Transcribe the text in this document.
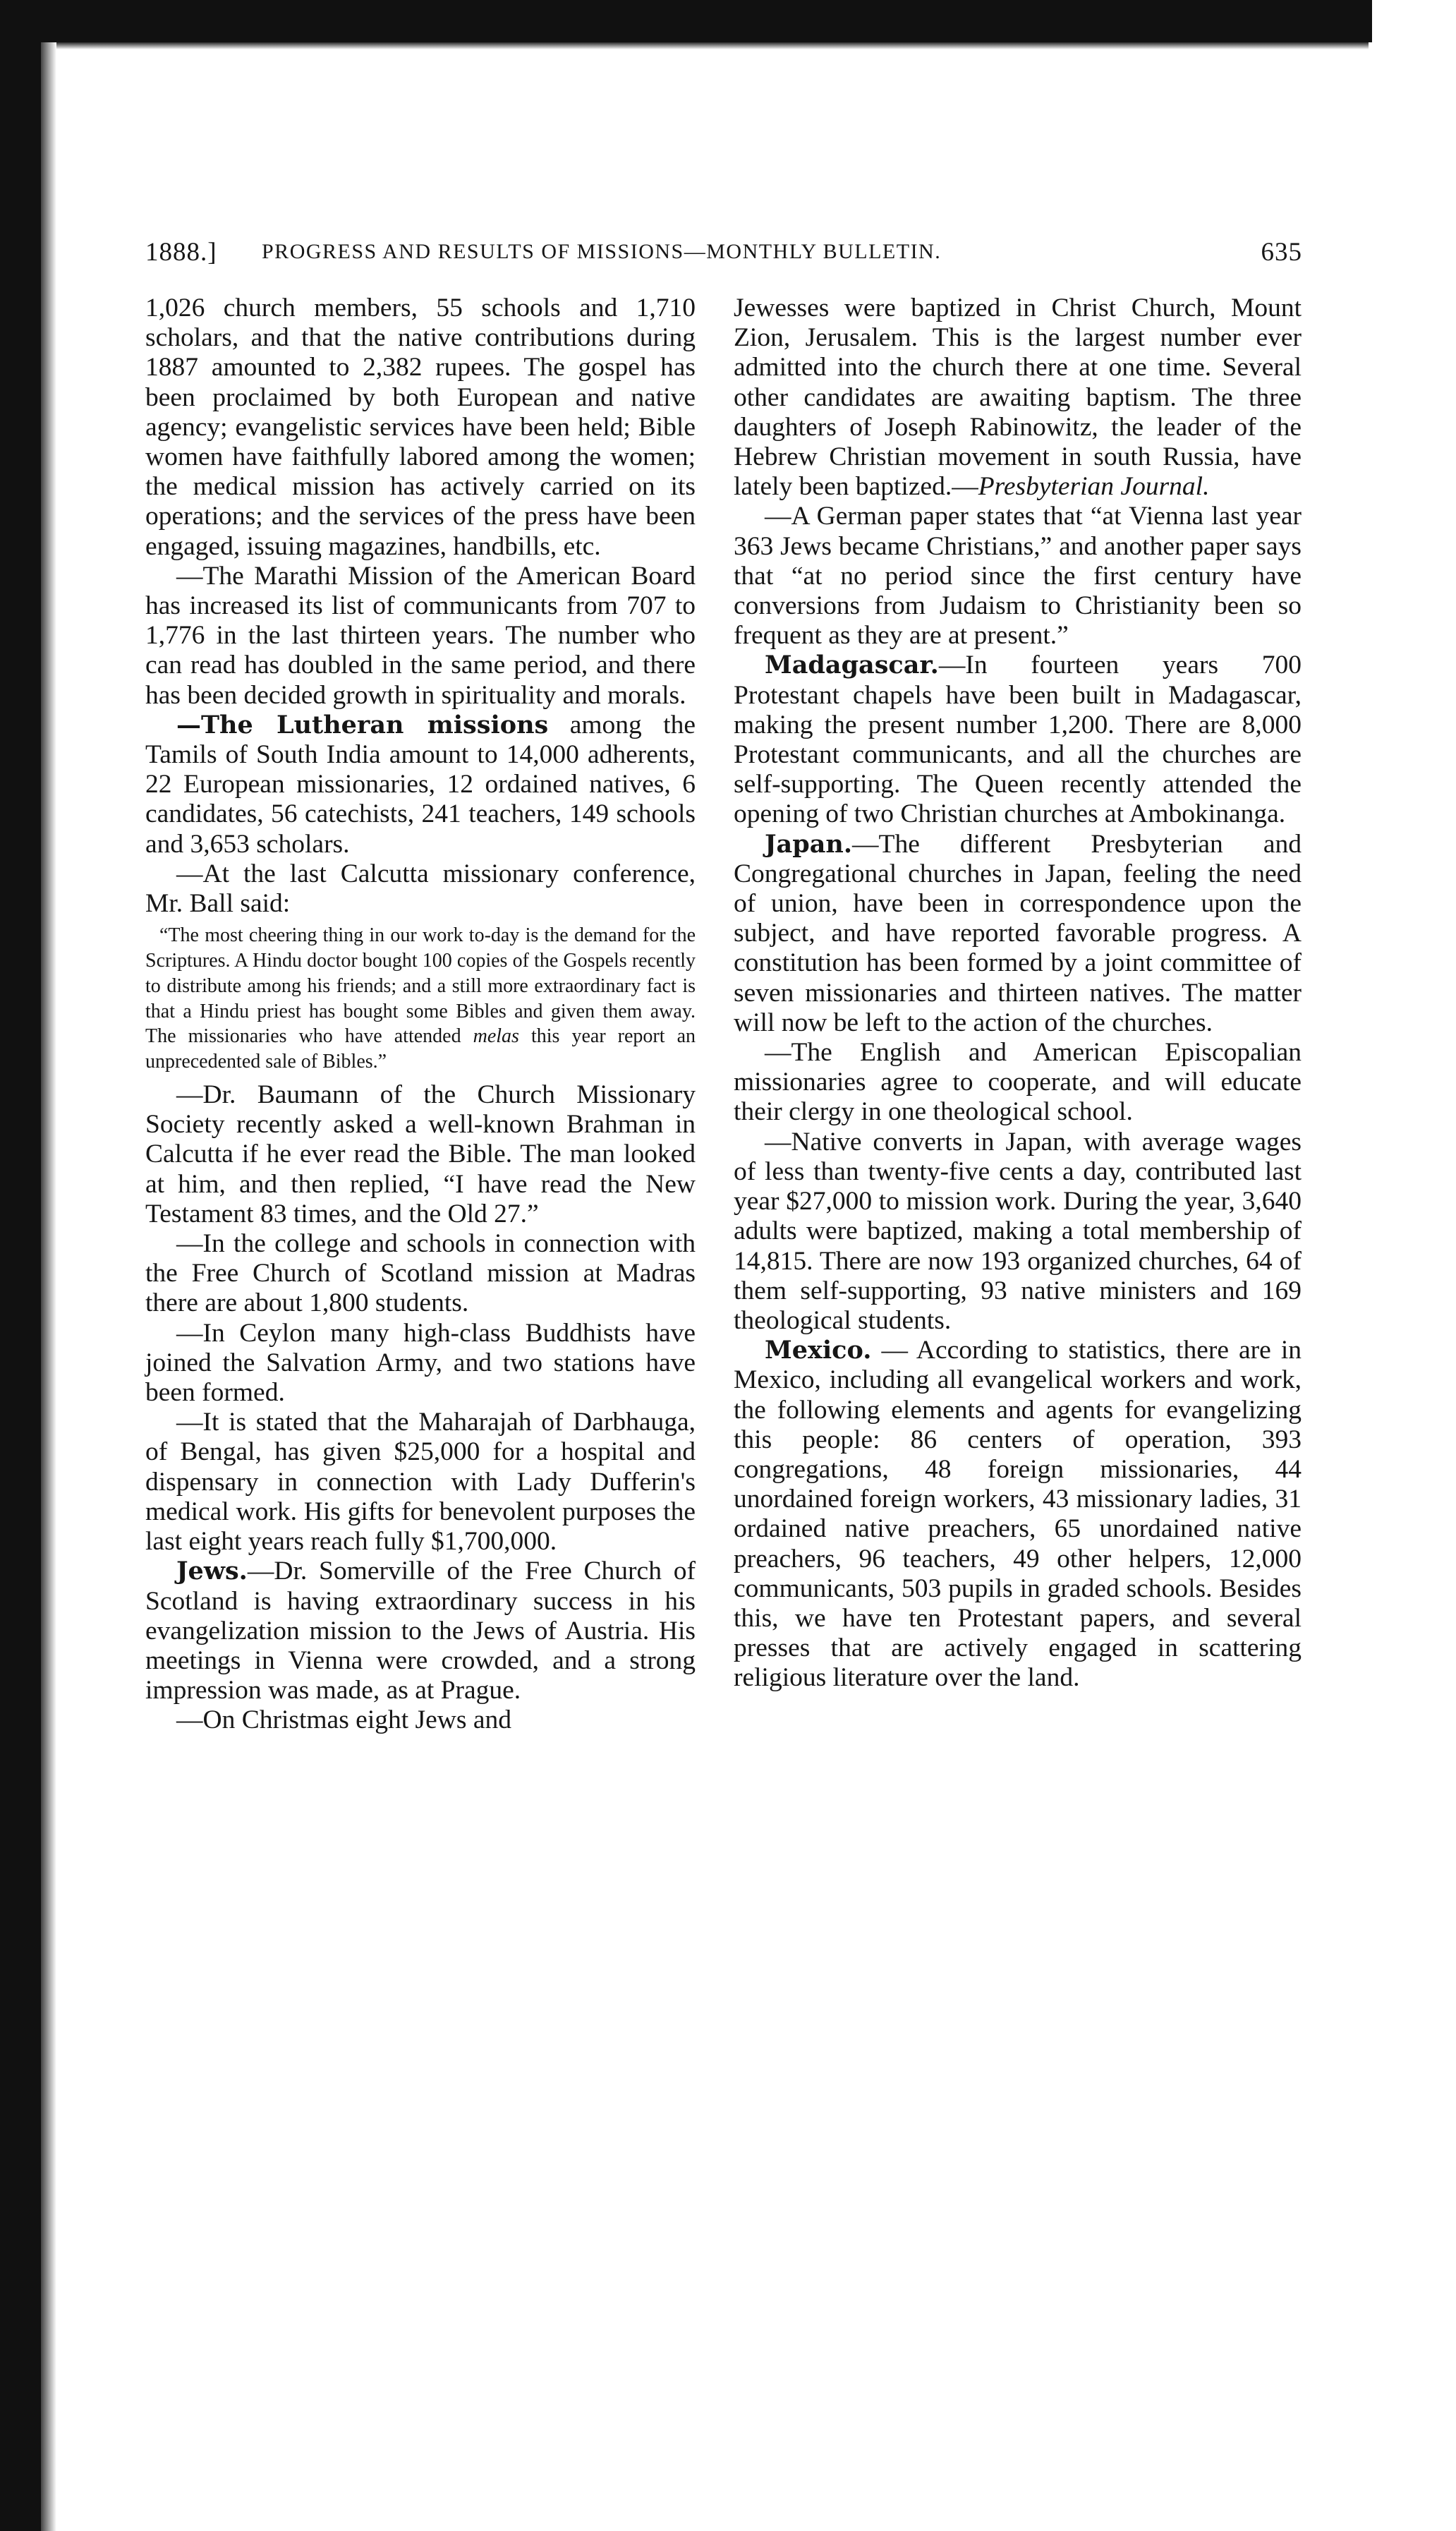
1888.] PROGRESS AND RESULTS OF MISSIONS—MONTHLY BULLETIN.	635

1,026 church members, 55 schools and 1,710 scholars, and that the native contributions during 1887 amounted to 2,382 rupees. The gospel has been proclaimed by both European and native agency; evangelistic services have been held; Bible women have faithfully labored among the women; the medical mission has actively carried on its operations; and the services of the press have been engaged, issuing magazines, handbills, etc.

—The Marathi Mission of the American Board has increased its list of communicants from 707 to 1,776 in the last thirteen years. The number who can read has doubled in the same period, and there has been decided growth in spirituality and morals.

—The Lutheran missions among the Tamils of South India amount to 14,000 adherents, 22 European missionaries, 12 ordained natives, 6 candidates, 56 catechists, 241 teachers, 149 schools and 3,653 scholars.

—At the last Calcutta missionary conference, Mr. Ball said:

“The most cheering thing in our work to-day is the demand for the Scriptures. A Hindu doctor bought 100 copies of the Gospels recently to distribute among his friends; and a still more extraordinary fact is that a Hindu priest has bought some Bibles and given them away. The missionaries who have attended melas this year report an unprecedented sale of Bibles.”

—Dr. Baumann of the Church Missionary Society recently asked a well-known Brahman in Calcutta if he ever read the Bible. The man looked at him, and then replied, “I have read the New Testament 83 times, and the Old 27.”

—In the college and schools in connection with the Free Church of Scotland mission at Madras there are about 1,800 students.

—In Ceylon many high-class Buddhists have joined the Salvation Army, and two stations have been formed.

—It is stated that the Maharajah of Darbhauga, of Bengal, has given $25,000 for a hospital and dispensary in connection with Lady Dufferin's medical work. His gifts for benevolent purposes the last eight years reach fully $1,700,000.

Jews.—Dr. Somerville of the Free Church of Scotland is having extraordinary success in his evangelization mission to the Jews of Austria. His meetings in Vienna were crowded, and a strong impression was made, as at Prague.

—On Christmas eight Jews and

Jewesses were baptized in Christ Church, Mount Zion, Jerusalem. This is the largest number ever admitted into the church there at one time. Several other candidates are awaiting baptism. The three daughters of Joseph Rabinowitz, the leader of the Hebrew Christian movement in south Russia, have lately been baptized.—Presbyterian Journal.

—A German paper states that “at Vienna last year 363 Jews became Christians,” and another paper says that “at no period since the first century have conversions from Judaism to Christianity been so frequent as they are at present.”

Madagascar.—In fourteen years 700 Protestant chapels have been built in Madagascar, making the present number 1,200. There are 8,000 Protestant communicants, and all the churches are self-supporting. The Queen recently attended the opening of two Christian churches at Ambokinanga.

Japan.—The different Presbyterian and Congregational churches in Japan, feeling the need of union, have been in correspondence upon the subject, and have reported favorable progress. A constitution has been formed by a joint committee of seven missionaries and thirteen natives. The matter will now be left to the action of the churches.

—The English and American Episcopalian missionaries agree to cooperate, and will educate their clergy in one theological school.

—Native converts in Japan, with average wages of less than twenty-five cents a day, contributed last year $27,000 to mission work. During the year, 3,640 adults were baptized, making a total membership of 14,815. There are now 193 organized churches, 64 of them self-supporting, 93 native ministers and 169 theological students.

Mexico. — According to statistics, there are in Mexico, including all evangelical workers and work, the following elements and agents for evangelizing this people: 86 centers of operation, 393 congregations, 48 foreign missionaries, 44 unordained foreign workers, 43 missionary ladies, 31 ordained native preachers, 65 unordained native preachers, 96 teachers, 49 other helpers, 12,000 communicants, 503 pupils in graded schools. Besides this, we have ten Protestant papers, and several presses that are actively engaged in scattering religious literature over the land.
